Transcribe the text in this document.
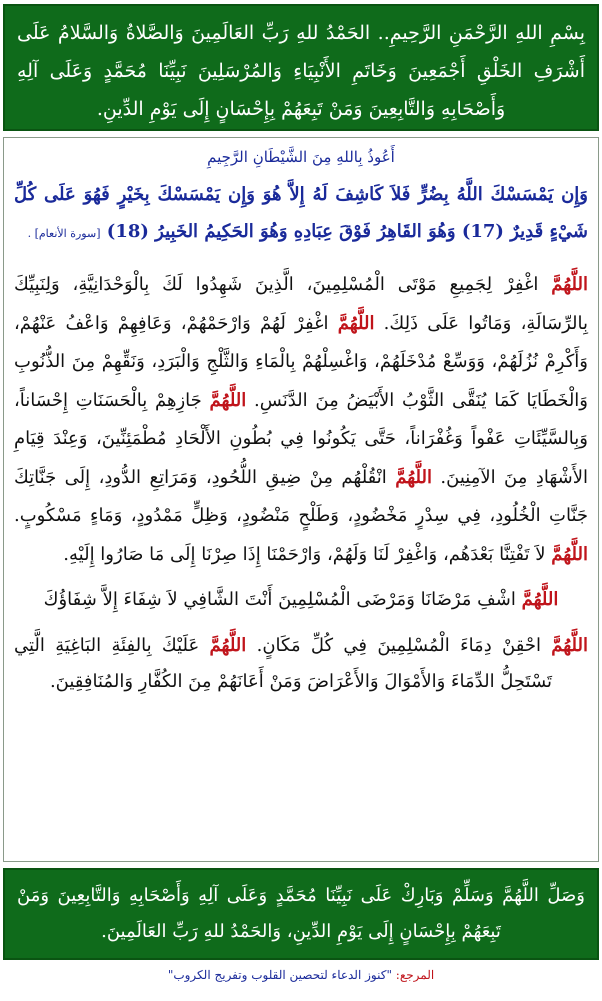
بِسْمِ اللهِ الرَّحْمَنِ الرَّحِيمِ.. الحَمْدُ للهِ رَبِّ العَالَمِينَ وَالصَّلاةُ وَالسَّلامُ عَلَى أَشْرَفِ الخَلْقِ أَجْمَعِينَ وَخَاتَمِ الأَنْبِيَاءِ وَالمُرْسَلِينَ نَبِيِّنَا مُحَمَّدٍ وَعَلَى آلِهِ وَأَصْحَابِهِ وَالتَّابِعِينَ وَمَنْ تَبِعَهُمْ بِإِحْسَانٍ إِلَى يَوْمِ الدِّينِ.
أَعُوذُ بِاللهِ مِنَ الشَّيْطَانِ الرَّجِيمِ
وَإِن يَمْسَسْكَ اللَّهُ بِضُرٍّ فَلاَ كَاشِفَ لَهُ إِلاَّ هُوَ وَإِن يَمْسَسْكَ بِخَيْرٍ فَهُوَ عَلَى كُلِّ شَيْءٍ قَدِيرٌ (17) وَهُوَ القَاهِرُ فَوْقَ عِبَادِهِ وَهُوَ الحَكِيمُ الخَبِيرُ (18) [سورة الأنعام] .
اللَّهُمَّ اغْفِرْ لِجَمِيعِ مَوْتَى الْمُسْلِمِينَ، الَّذِينَ شَهِدُوا لَكَ بِالْوَحْدَانِيَّةِ، وَلِنَبِيِّكَ بِالرِّسَالَةِ، وَمَاتُوا عَلَى ذَلِكَ. اللَّهُمَّ اغْفِرْ لَهُمْ وَارْحَمْهُمْ، وَعَافِهِمْ وَاعْفُ عَنْهُمْ، وَأَكْرِمْ نُزُلَهُمْ، وَوَسِّعْ مُدْخَلَهُمْ، وَاغْسِلْهُمْ بِالْمَاءِ وَالثَّلْجِ وَالْبَرَدِ، وَنَقِّهِمْ مِنَ الذُّنُوبِ وَالْخَطَايَا كَمَا يُنَقَّى الثَّوْبُ الأَبْيَضُ مِنَ الدَّنَسِ. اللَّهُمَّ جَازِهِمْ بِالْحَسَنَاتِ إِحْسَاناً، وَبِالسَّيِّئَاتِ عَفْواً وَغُفْرَاناً، حَتَّى يَكُونُوا فِي بُطُونِ الأَلْحَادِ مُطْمَئِنِّينَ، وَعِنْدَ قِيَامِ الأَشْهَادِ مِنَ الآمِنِينَ. اللَّهُمَّ انْقُلْهُم مِنْ ضِيقِ اللُّحُودِ، وَمَرَاتِعِ الدُّودِ، إِلَى جَنَّاتِكَ جَنَّاتِ الْخُلُودِ، فِي سِدْرٍ مَخْضُودٍ، وَطَلْحٍ مَنْضُودٍ، وَظِلٍّ مَمْدُودٍ، وَمَاءٍ مَسْكُوبٍ. اللَّهُمَّ لاَ تَفْتِنَّا بَعْدَهُم، وَاغْفِرْ لَنَا وَلَهُمْ، وَارْحَمْنَا إِذَا صِرْنَا إِلَى مَا صَارُوا إِلَيْهِ.
اللَّهُمَّ اشْفِ مَرْضَانَا وَمَرْضَى الْمُسْلِمِينَ أَنْتَ الشَّافِي لاَ شِفَاءَ إِلاَّ شِفَاؤُكَ
اللَّهُمَّ احْقِنْ دِمَاءَ الْمُسْلِمِينَ فِي كُلِّ مَكَانٍ. اللَّهُمَّ عَلَيْكَ بِالفِئَةِ البَاغِيَةِ الَّتِي تَسْتَحِلُّ الدِّمَاءَ وَالأَمْوَالَ وَالأَعْرَاضَ وَمَنْ أَعَانَهُمْ مِنَ الكُفَّارِ وَالمُنَافِقِينَ.
وَصَلِّ اللَّهُمَّ وَسَلِّمْ وَبَارِكْ عَلَى نَبِيِّنَا مُحَمَّدٍ وَعَلَى آلِهِ وَأَصْحَابِهِ وَالتَّابِعِينَ وَمَنْ تَبِعَهُمْ بِإِحْسَانٍ إِلَى يَوْمِ الدِّينِ، وَالحَمْدُ للهِ رَبِّ العَالَمِينَ.
المرجع: "كنوز الدعاء لتحصين القلوب وتفريج الكروب"
